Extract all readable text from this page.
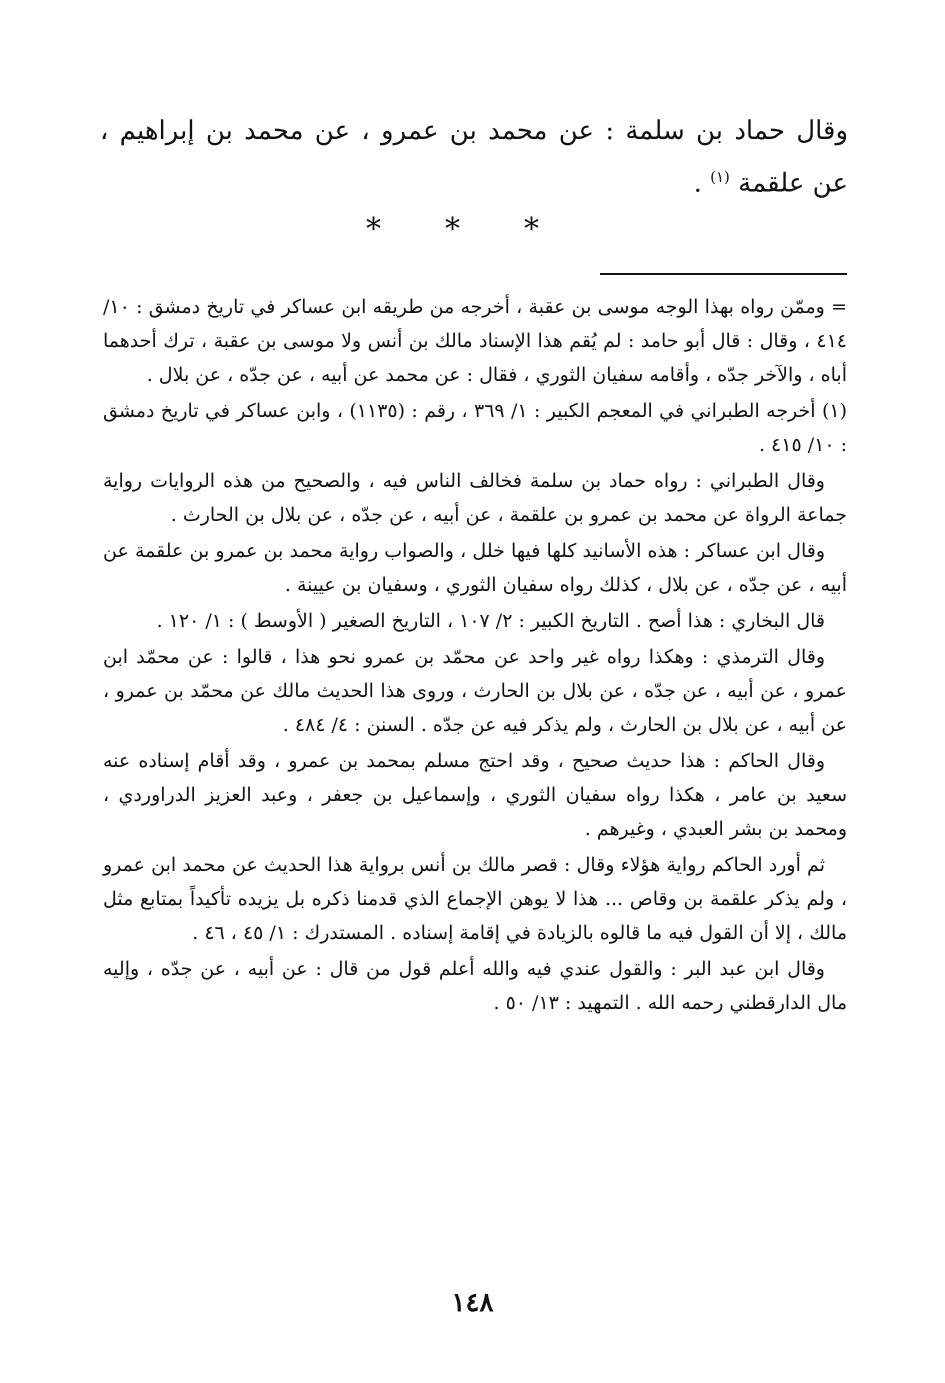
وقال حماد بن سلمة : عن محمد بن عمرو ، عن محمد بن إبراهيم ، عن علقمة $^{(١)}$ .

* * *

= وممّن رواه بهذا الوجه موسى بن عقبة ، أخرجه من طريقه ابن عساكر في تاريخ دمشق : ١٠/ ٤١٤ ، وقال : قال أبو حامد : لم يُقم هذا الإسناد مالك بن أنس ولا موسى بن عقبة ، ترك أحدهما أباه ، والآخر جدّه ، وأقامه سفيان الثوري ، فقال : عن محمد عن أبيه ، عن جدّه ، عن بلال .

(١) أخرجه الطبراني في المعجم الكبير : ١/ ٣٦٩ ، رقم : (١١٣٥) ، وابن عساكر في تاريخ دمشق : ١٠/ ٤١٥ .

وقال الطبراني : رواه حماد بن سلمة فخالف الناس فيه ، والصحيح من هذه الروايات رواية جماعة الرواة عن محمد بن عمرو بن علقمة ، عن أبيه ، عن جدّه ، عن بلال بن الحارث .

وقال ابن عساكر : هذه الأسانيد كلها فيها خلل ، والصواب رواية محمد بن عمرو بن علقمة عن أبيه ، عن جدّه ، عن بلال ، كذلك رواه سفيان الثوري ، وسفيان بن عيينة .

قال البخاري : هذا أصح . التاريخ الكبير : ٢/ ١٠٧ ، التاريخ الصغير ( الأوسط ) : ١/ ١٢٠ .

وقال الترمذي : وهكذا رواه غير واحد عن محمّد بن عمرو نحو هذا ، قالوا : عن محمّد ابن عمرو ، عن أبيه ، عن جدّه ، عن بلال بن الحارث ، وروى هذا الحديث مالك عن محمّد بن عمرو ، عن أبيه ، عن بلال بن الحارث ، ولم يذكر فيه عن جدّه . السنن : ٤/ ٤٨٤ .

وقال الحاكم : هذا حديث صحيح ، وقد احتج مسلم بمحمد بن عمرو ، وقد أقام إسناده عنه سعيد بن عامر ، هكذا رواه سفيان الثوري ، وإسماعيل بن جعفر ، وعبد العزيز الدراوردي ، ومحمد بن بشر العبدي ، وغيرهم .

ثم أورد الحاكم رواية هؤلاء وقال : قصر مالك بن أنس برواية هذا الحديث عن محمد ابن عمرو ، ولم يذكر علقمة بن وقاص ... هذا لا يوهن الإجماع الذي قدمنا ذكره بل يزيده تأكيداً بمتابع مثل مالك ، إلا أن القول فيه ما قالوه بالزيادة في إقامة إسناده . المستدرك : ١/ ٤٥ ، ٤٦ .

وقال ابن عبد البر : والقول عندي فيه والله أعلم قول من قال : عن أبيه ، عن جدّه ، وإليه مال الدارقطني رحمه الله . التمهيد : ١٣/ ٥٠ .

١٤٨
